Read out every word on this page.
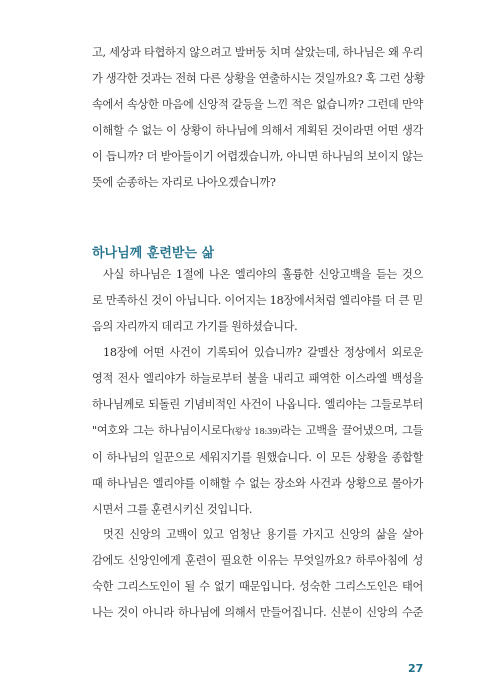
고, 세상과 타협하지 않으려고 발버둥 치며 살았는데, 하나님은 왜 우리
가 생각한 것과는 전혀 다른 상황을 연출하시는 것일까요? 혹 그런 상황
속에서 속상한 마음에 신앙적 갈등을 느낀 적은 없습니까? 그런데 만약
이해할 수 없는 이 상황이 하나님에 의해서 계획된 것이라면 어떤 생각
이 듭니까? 더 받아들이기 어렵겠습니까, 아니면 하나님의 보이지 않는
뜻에 순종하는 자리로 나아오겠습니까?

하나님께 훈련받는 삶

사실 하나님은 1절에 나온 엘리야의 훌륭한 신앙고백을 듣는 것으
로 만족하신 것이 아닙니다. 이어지는 18장에서처럼 엘리야를 더 큰 믿
음의 자리까지 데리고 가기를 원하셨습니다.

18장에 어떤 사건이 기록되어 있습니까? 갈멜산 정상에서 외로운
영적 전사 엘리야가 하늘로부터 불을 내리고 패역한 이스라엘 백성을
하나님께로 되돌린 기념비적인 사건이 나옵니다. 엘리야는 그들로부터
"여호와 그는 하나님이시로다(왕상 18:39)라는 고백을 끌어냈으며, 그들
이 하나님의 일꾼으로 세워지기를 원했습니다. 이 모든 상황을 종합할
때 하나님은 엘리야를 이해할 수 없는 장소와 사건과 상황으로 몰아가
시면서 그를 훈련시키신 것입니다.

멋진 신앙의 고백이 있고 엄청난 용기를 가지고 신앙의 삶을 살아
감에도 신앙인에게 훈련이 필요한 이유는 무엇일까요? 하루아침에 성
숙한 그리스도인이 될 수 없기 때문입니다. 성숙한 그리스도인은 태어
나는 것이 아니라 하나님에 의해서 만들어집니다. 신분이 신앙의 수준

27
